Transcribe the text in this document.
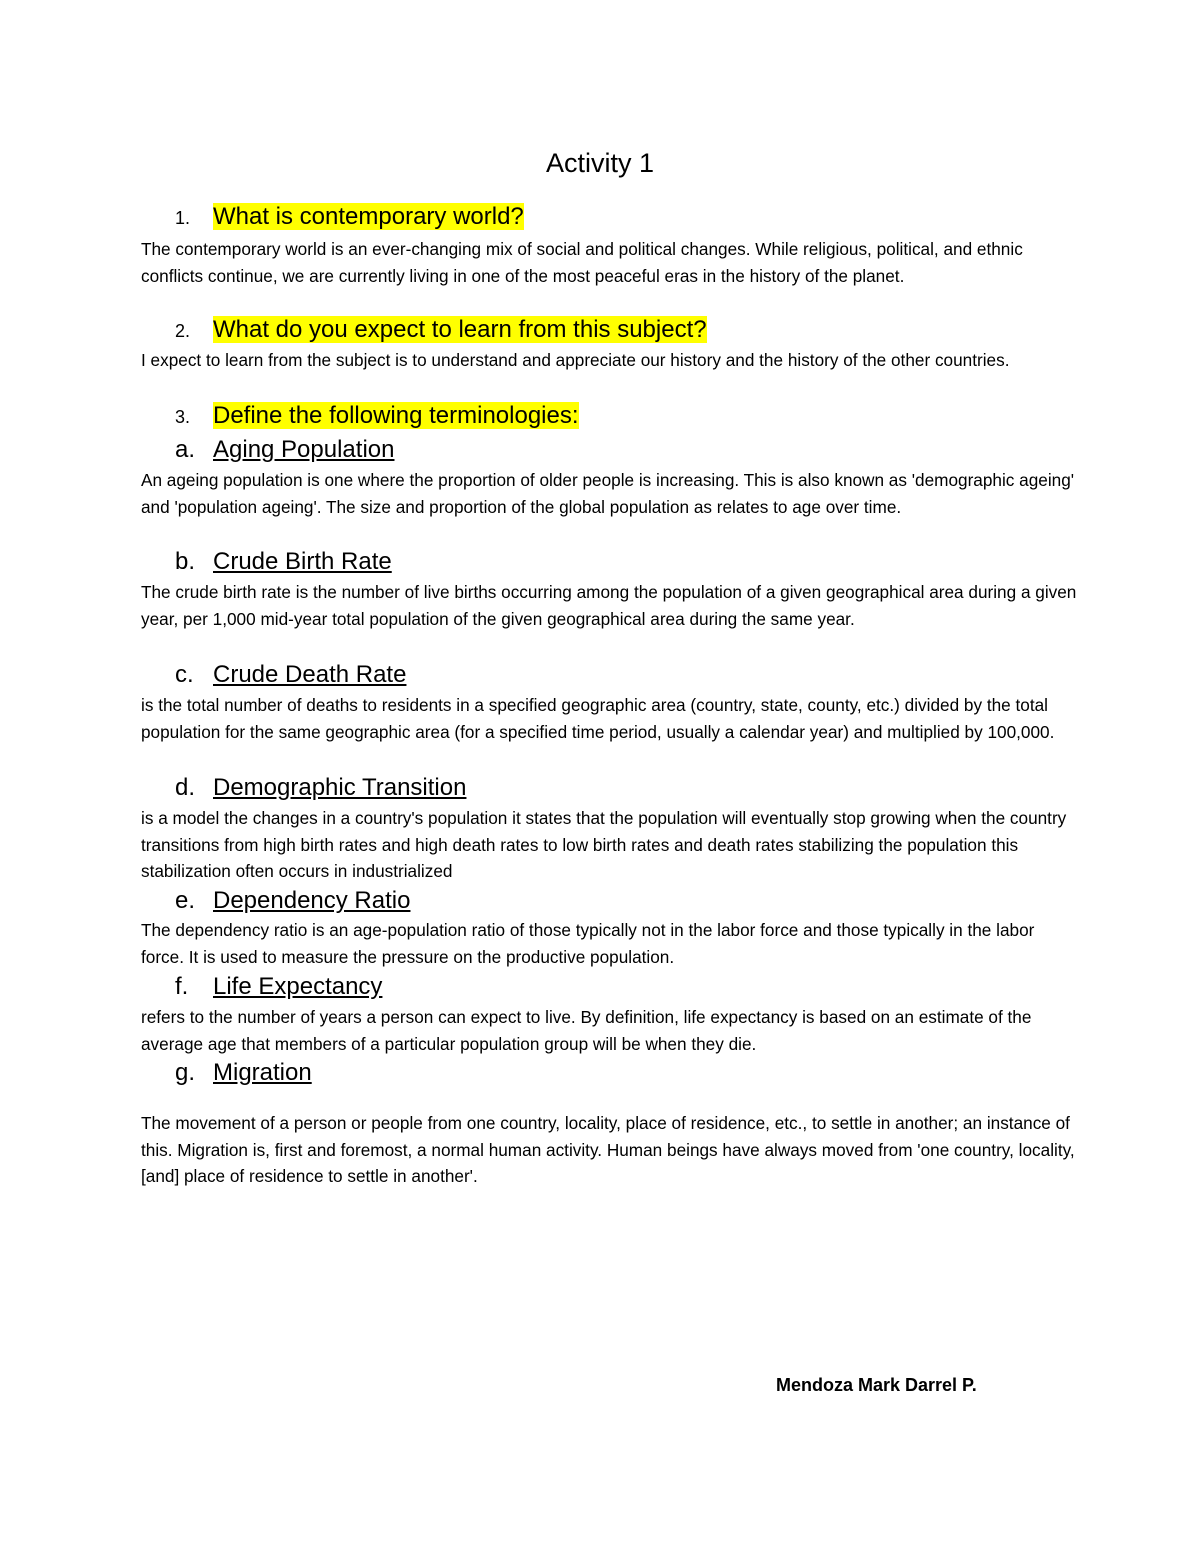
Activity 1
1. What is contemporary world?
The contemporary world is an ever-changing mix of social and political changes. While religious, political, and ethnic conflicts continue, we are currently living in one of the most peaceful eras in the history of the planet.
2. What do you expect to learn from this subject?
I expect to learn from the subject is to understand and appreciate our history and the history of the other countries.
3. Define the following terminologies:
a. Aging Population
An ageing population is one where the proportion of older people is increasing. This is also known as 'demographic ageing' and 'population ageing'. The size and proportion of the global population as relates to age over time.
b. Crude Birth Rate
The crude birth rate is the number of live births occurring among the population of a given geographical area during a given year, per 1,000 mid-year total population of the given geographical area during the same year.
c. Crude Death Rate
is the total number of deaths to residents in a specified geographic area (country, state, county, etc.) divided by the total population for the same geographic area (for a specified time period, usually a calendar year) and multiplied by 100,000.
d. Demographic Transition
is a model the changes in a country's population it states that the population will eventually stop growing when the country transitions from high birth rates and high death rates to low birth rates and death rates stabilizing the population this stabilization often occurs in industrialized
e. Dependency Ratio
The dependency ratio is an age-population ratio of those typically not in the labor force and those typically in the labor force. It is used to measure the pressure on the productive population.
f. Life Expectancy
refers to the number of years a person can expect to live. By definition, life expectancy is based on an estimate of the average age that members of a particular population group will be when they die.
g. Migration
The movement of a person or people from one country, locality, place of residence, etc., to settle in another; an instance of this. Migration is, first and foremost, a normal human activity. Human beings have always moved from 'one country, locality, [and] place of residence to settle in another'.
Mendoza Mark Darrel P.
